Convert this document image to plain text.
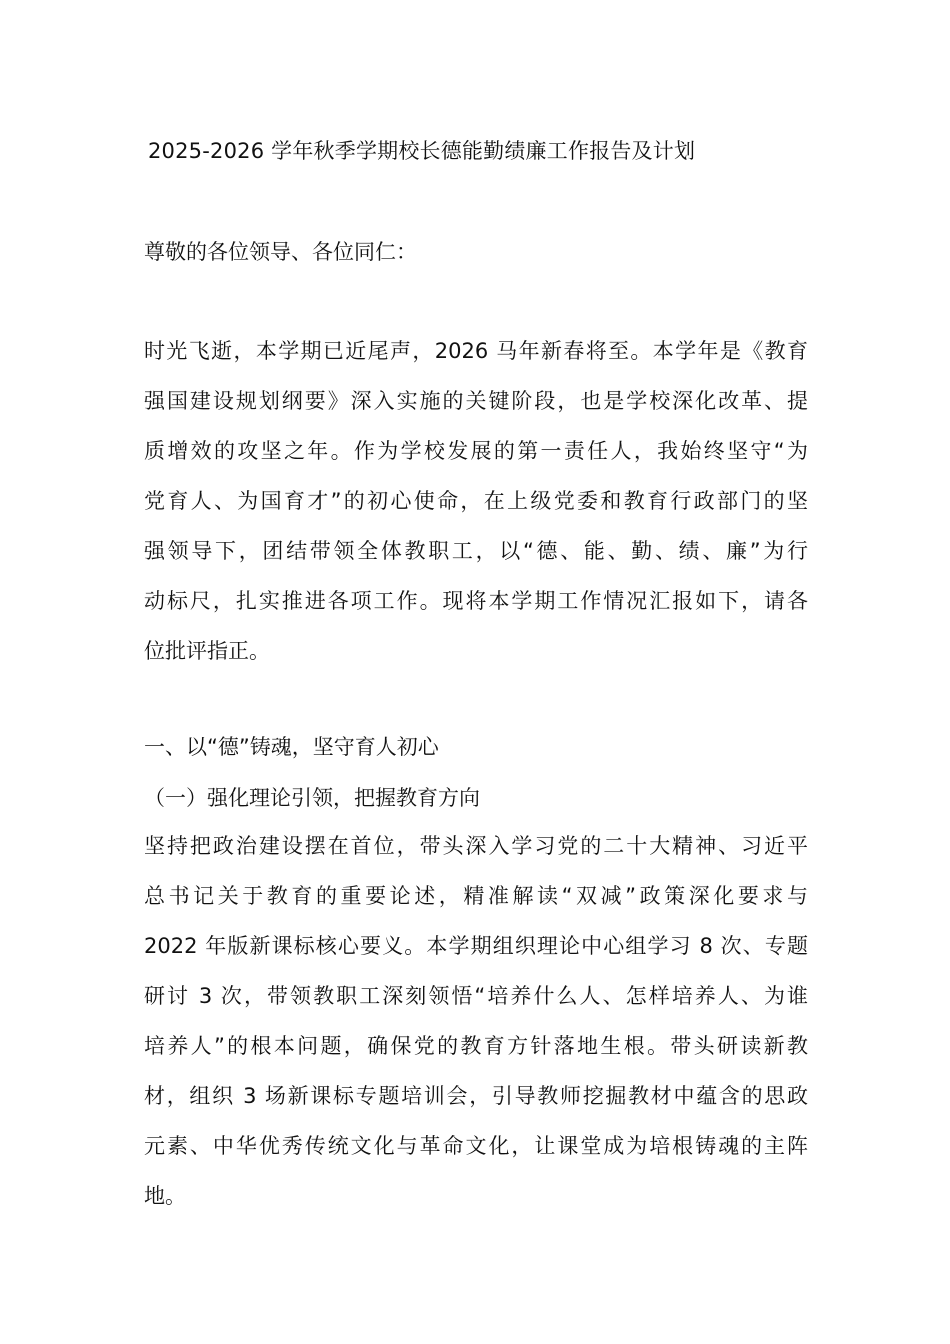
2025-2026 学年秋季学期校长德能勤绩廉工作报告及计划
尊敬的各位领导、各位同仁：
时光飞逝，本学期已近尾声，2026 马年新春将至。本学年是《教育
强国建设规划纲要》深入实施的关键阶段，也是学校深化改革、提
质增效的攻坚之年。作为学校发展的第一责任人，我始终坚守“为
党育人、为国育才”的初心使命，在上级党委和教育行政部门的坚
强领导下，团结带领全体教职工，以“德、能、勤、绩、廉”为行
动标尺，扎实推进各项工作。现将本学期工作情况汇报如下，请各
位批评指正。
一、以“德”铸魂，坚守育人初心
（一）强化理论引领，把握教育方向
坚持把政治建设摆在首位，带头深入学习党的二十大精神、习近平
总书记关于教育的重要论述，精准解读“双减”政策深化要求与
2022 年版新课标核心要义。本学期组织理论中心组学习 8 次、专题
研讨 3 次，带领教职工深刻领悟“培养什么人、怎样培养人、为谁
培养人”的根本问题，确保党的教育方针落地生根。带头研读新教
材，组织 3 场新课标专题培训会，引导教师挖掘教材中蕴含的思政
元素、中华优秀传统文化与革命文化，让课堂成为培根铸魂的主阵
地。
